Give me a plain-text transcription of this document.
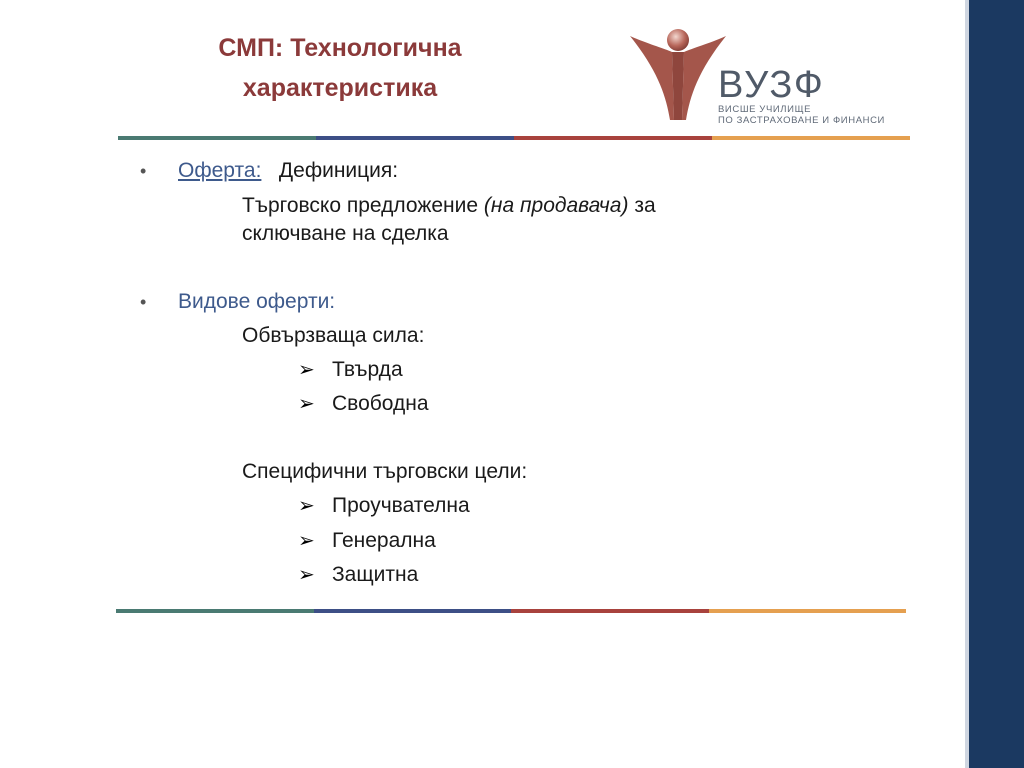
СМП: Технологична
характеристика	ВУЗФ
ВИСШЕ УЧИЛИЩЕ
ПО ЗАСТРАХОВАНЕ И ФИНАНСИ
• Оферта: Дефиниция:
Търговско предложение (на продавача) за
сключване на сделка
• Видове оферти:
Обвързваща сила:
➢ Твърда
➢ Свободна
Специфични търговски цели:
➢ Проучвателна
➢ Генерална
➢ Защитна
